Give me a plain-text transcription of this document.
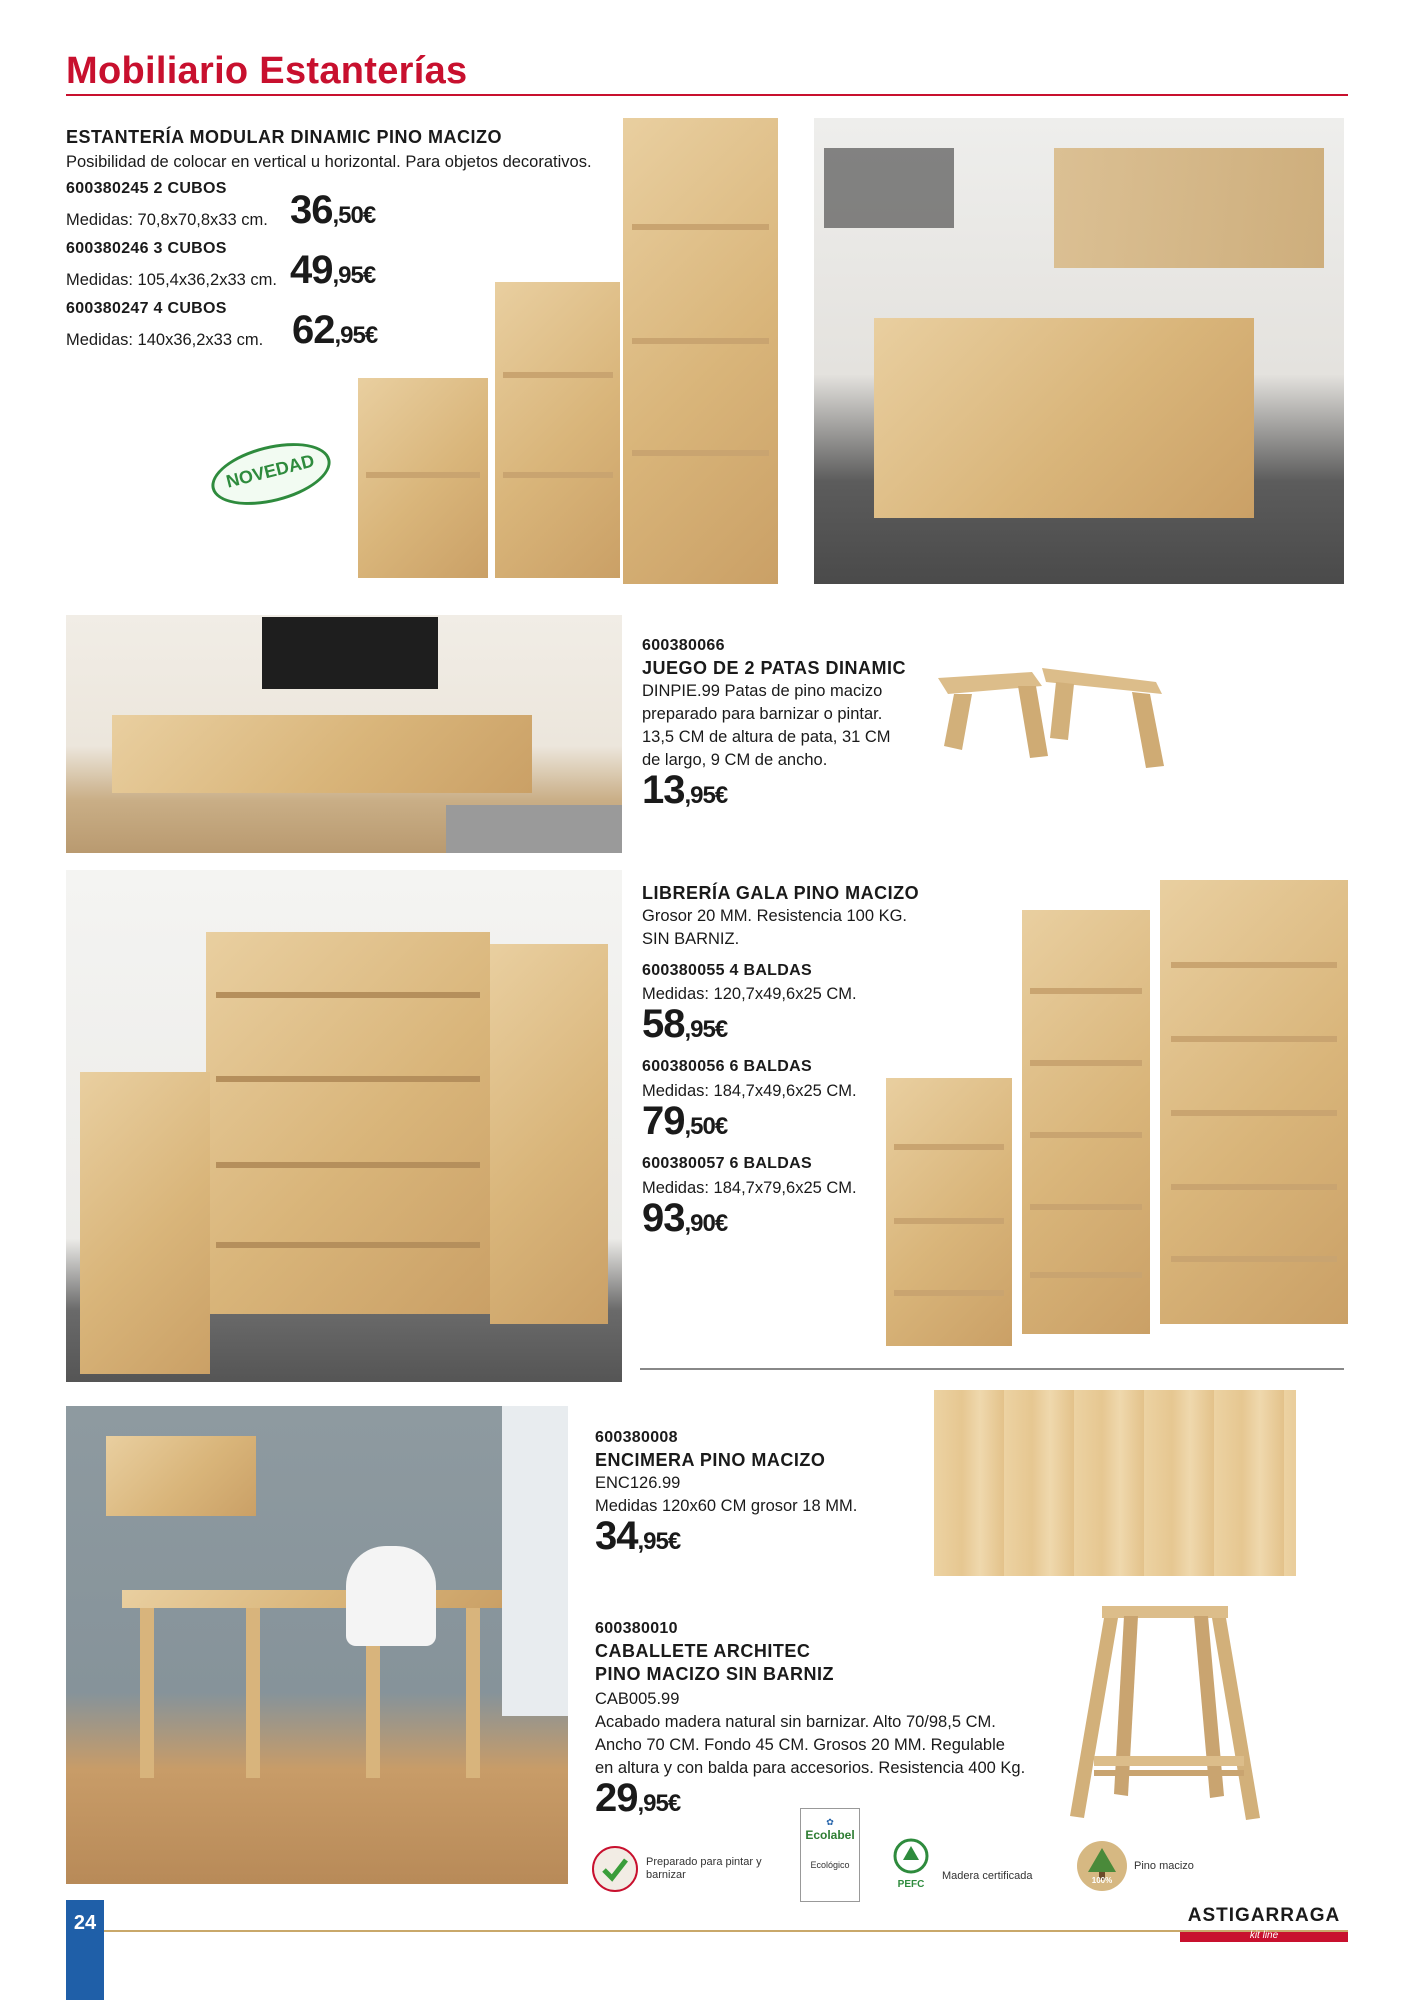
Mobiliario Estanterías
ESTANTERÍA MODULAR DINAMIC PINO MACIZO
Posibilidad de colocar en vertical u horizontal. Para objetos decorativos.
600380245 2 CUBOS
Medidas: 70,8x70,8x33 cm. 36,50€
600380246 3 CUBOS
Medidas: 105,4x36,2x33 cm. 49,95€
600380247 4 CUBOS
Medidas: 140x36,2x33 cm. 62,95€
NOVEDAD
600380066
JUEGO DE 2 PATAS DINAMIC
DINPIE.99 Patas de pino macizo
preparado para barnizar o pintar.
13,5 CM de altura de pata, 31 CM
de largo, 9 CM de ancho.
13,95€
LIBRERÍA GALA PINO MACIZO
Grosor 20 MM. Resistencia 100 KG.
SIN BARNIZ.
600380055 4 BALDAS
Medidas: 120,7x49,6x25 CM.
58,95€
600380056 6 BALDAS
Medidas: 184,7x49,6x25 CM.
79,50€
600380057 6 BALDAS
Medidas: 184,7x79,6x25 CM.
93,90€
600380008
ENCIMERA PINO MACIZO
ENC126.99
Medidas 120x60 CM grosor 18 MM.
34,95€
600380010
CABALLETE ARCHITEC
PINO MACIZO SIN BARNIZ
CAB005.99
Acabado madera natural sin barnizar. Alto 70/98,5 CM.
Ancho 70 CM. Fondo 45 CM. Grosos 20 MM. Regulable
en altura y con balda para accesorios. Resistencia 400 Kg.
29,95€
Preparado para pintar y barnizar
✿
Ecolabel
Ecológico
PEFC
Madera certificada	100%
Pino macizo
24	ASTIGARRAGA
kit line
